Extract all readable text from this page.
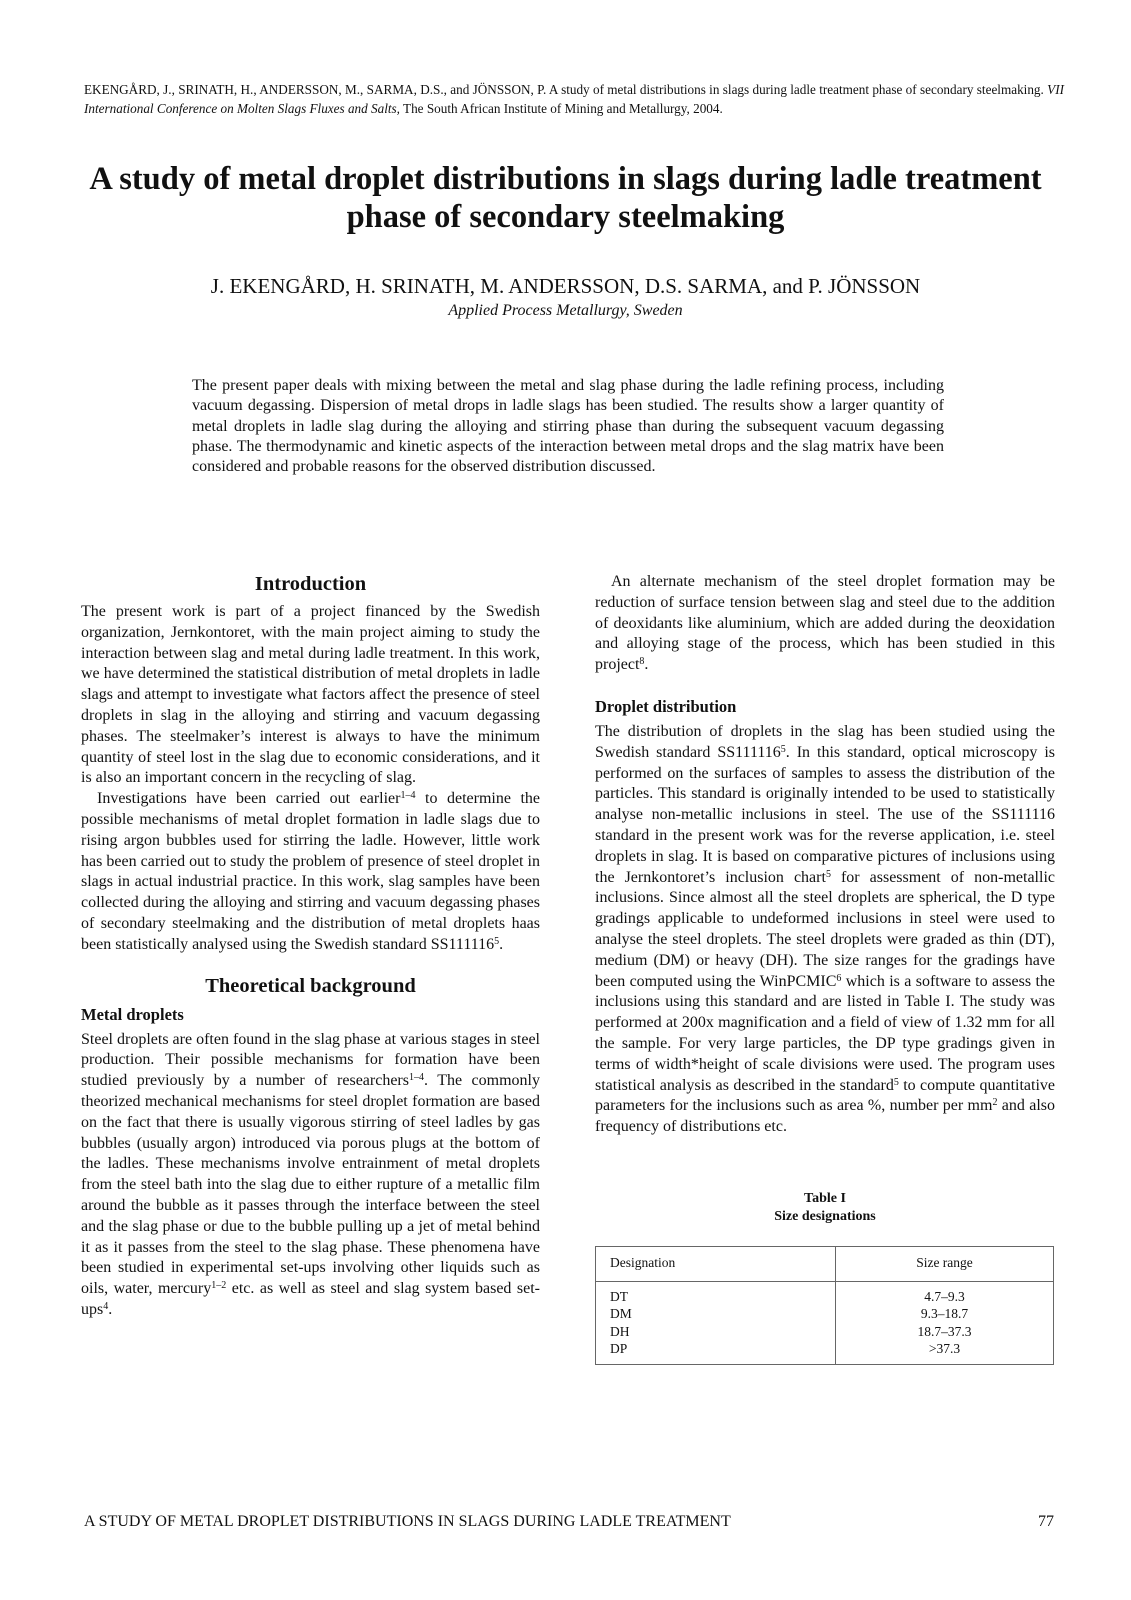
EKENGÅRD, J., SRINATH, H., ANDERSSON, M., SARMA, D.S., and JÖNSSON, P. A study of metal distributions in slags during ladle treatment phase of secondary steelmaking. VII International Conference on Molten Slags Fluxes and Salts, The South African Institute of Mining and Metallurgy, 2004.
A study of metal droplet distributions in slags during ladle treatment phase of secondary steelmaking
J. EKENGÅRD, H. SRINATH, M. ANDERSSON, D.S. SARMA, and P. JÖNSSON
Applied Process Metallurgy, Sweden

The present paper deals with mixing between the metal and slag phase during the ladle refining process, including vacuum degassing. Dispersion of metal drops in ladle slags has been studied. The results show a larger quantity of metal droplets in ladle slag during the alloying and stirring phase than during the subsequent vacuum degassing phase. The thermodynamic and kinetic aspects of the interaction between metal drops and the slag matrix have been considered and probable reasons for the observed distribution discussed.

Introduction

The present work is part of a project financed by the Swedish organization, Jernkontoret, with the main project aiming to study the interaction between slag and metal during ladle treatment. In this work, we have determined the statistical distribution of metal droplets in ladle slags and attempt to investigate what factors affect the presence of steel droplets in slag in the alloying and stirring and vacuum degassing phases. The steelmaker’s interest is always to have the minimum quantity of steel lost in the slag due to economic considerations, and it is also an important concern in the recycling of slag.

Investigations have been carried out earlier$^{1-4}$ to determine the possible mechanisms of metal droplet formation in ladle slags due to rising argon bubbles used for stirring the ladle. However, little work has been carried out to study the problem of presence of steel droplet in slags in actual industrial practice. In this work, slag samples have been collected during the alloying and stirring and vacuum degassing phases of secondary steelmaking and the distribution of metal droplets haas been statistically analysed using the Swedish standard SS111116$^5$.

Theoretical background
Metal droplets

Steel droplets are often found in the slag phase at various stages in steel production. Their possible mechanisms for formation have been studied previously by a number of researchers$^{1-4}$. The commonly theorized mechanical mechanisms for steel droplet formation are based on the fact that there is usually vigorous stirring of steel ladles by gas bubbles (usually argon) introduced via porous plugs at the bottom of the ladles. These mechanisms involve entrainment of metal droplets from the steel bath into the slag due to either rupture of a metallic film around the bubble as it passes through the interface between the steel and the slag phase or due to the bubble pulling up a jet of metal behind it as it passes from the steel to the slag phase. These phenomena have been studied in experimental set-ups involving other liquids such as oils, water, mercury$^{1-2}$ etc. as well as steel and slag system based set-ups$^4$.

An alternate mechanism of the steel droplet formation may be reduction of surface tension between slag and steel due to the addition of deoxidants like aluminium, which are added during the deoxidation and alloying stage of the process, which has been studied in this project$^8$.

Droplet distribution

The distribution of droplets in the slag has been studied using the Swedish standard SS111116$^5$. In this standard, optical microscopy is performed on the surfaces of samples to assess the distribution of the particles. This standard is originally intended to be used to statistically analyse non-metallic inclusions in steel. The use of the SS111116 standard in the present work was for the reverse application, i.e. steel droplets in slag. It is based on comparative pictures of inclusions using the Jernkontoret’s inclusion chart$^5$ for assessment of non-metallic inclusions. Since almost all the steel droplets are spherical, the D type gradings applicable to undeformed inclusions in steel were used to analyse the steel droplets. The steel droplets were graded as thin (DT), medium (DM) or heavy (DH). The size ranges for the gradings have been computed using the WinPCMIC$^6$ which is a software to assess the inclusions using this standard and are listed in Table I. The study was performed at 200x magnification and a field of view of 1.32 mm for all the sample. For very large particles, the DP type gradings given in terms of width*height of scale divisions were used. The program uses statistical analysis as described in the standard$^5$ to compute quantitative parameters for the inclusions such as area %, number per $mm^2$ and also frequency of distributions etc.

Table I

Size designations

Designation	Size range
DT	4.7–9.3
DM	9.3–18.7
DH	18.7–37.3
DP	>37.3
A STUDY OF METAL DROPLET DISTRIBUTIONS IN SLAGS DURING LADLE TREATMENT	77
